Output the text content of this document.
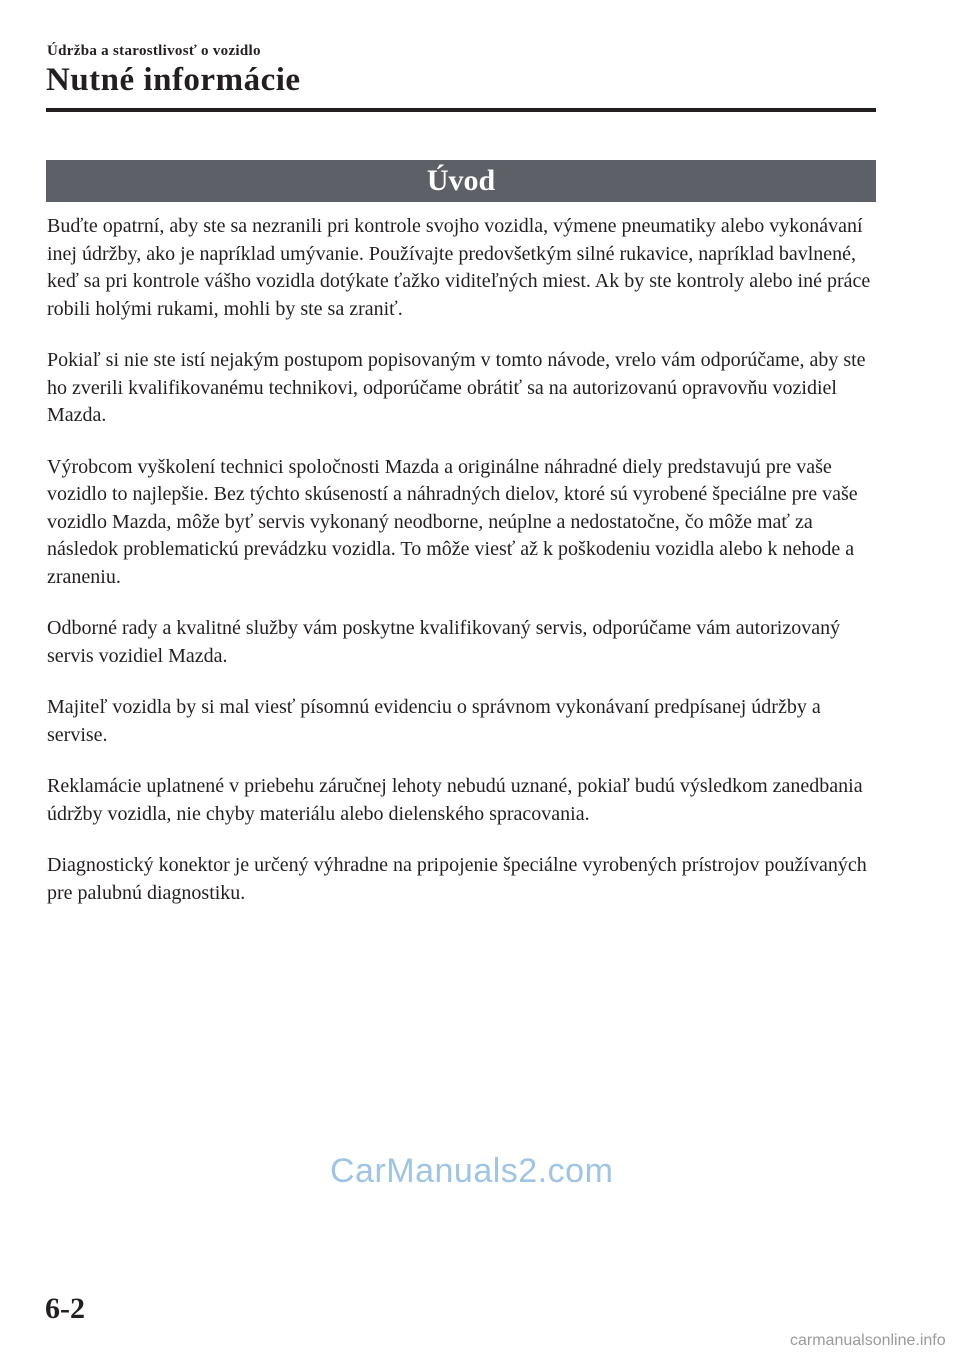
Údržba a starostlivosť o vozidlo
Nutné informácie
Úvod

Buďte opatrní, aby ste sa nezranili pri kontrole svojho vozidla, výmene pneumatiky alebo vykonávaní inej údržby, ako je napríklad umývanie. Používajte predovšetkým silné rukavice, napríklad bavlnené, keď sa pri kontrole vášho vozidla dotýkate ťažko viditeľných miest. Ak by ste kontroly alebo iné práce robili holými rukami, mohli by ste sa zraniť.

Pokiaľ si nie ste istí nejakým postupom popisovaným v tomto návode, vrelo vám odporúčame, aby ste ho zverili kvalifikovanému technikovi, odporúčame obrátiť sa na autorizovanú opravovňu vozidiel Mazda.

Výrobcom vyškolení technici spoločnosti Mazda a originálne náhradné diely predstavujú pre vaše vozidlo to najlepšie. Bez týchto skúseností a náhradných dielov, ktoré sú vyrobené špeciálne pre vaše vozidlo Mazda, môže byť servis vykonaný neodborne, neúplne a nedostatočne, čo môže mať za následok problematickú prevádzku vozidla. To môže viesť až k poškodeniu vozidla alebo k nehode a zraneniu.

Odborné rady a kvalitné služby vám poskytne kvalifikovaný servis, odporúčame vám autorizovaný servis vozidiel Mazda.

Majiteľ vozidla by si mal viesť písomnú evidenciu o správnom vykonávaní predpísanej údržby a servise.

Reklamácie uplatnené v priebehu záručnej lehoty nebudú uznané, pokiaľ budú výsledkom zanedbania údržby vozidla, nie chyby materiálu alebo dielenského spracovania.

Diagnostický konektor je určený výhradne na pripojenie špeciálne vyrobených prístrojov používaných pre palubnú diagnostiku.

CarManuals2.com
6-2
carmanualsonline.info
